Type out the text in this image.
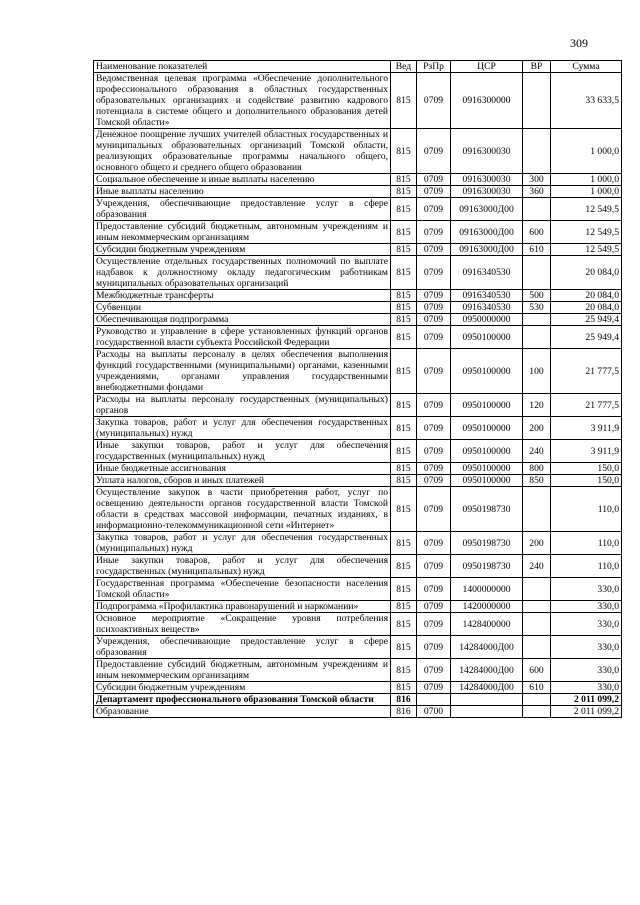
309
Наименование показателей	Вед	РзПр	ЦСР	ВР	Сумма
Ведомственная целевая программа «Обеспечение дополнительного профессионального образования в областных государственных образовательных организациях и содействие развитию кадрового потенциала в системе общего и дополнительного образования детей Томской области»	815	0709	0916300000		33 633,5
Денежное поощрение лучших учителей областных государственных и муниципальных образовательных организаций Томской области, реализующих образовательные программы начального общего, основного общего и среднего общего образования	815	0709	0916300030		1 000,0
Социальное обеспечение и иные выплаты населению	815	0709	0916300030	300	1 000,0
Иные выплаты населению	815	0709	0916300030	360	1 000,0
Учреждения, обеспечивающие предоставление услуг в сфере образования	815	0709	09163000Д00		12 549,5
Предоставление субсидий бюджетным, автономным учреждениям и иным некоммерческим организациям	815	0709	09163000Д00	600	12 549,5
Субсидии бюджетным учреждениям	815	0709	09163000Д00	610	12 549,5
Осуществление отдельных государственных полномочий по выплате надбавок к должностному окладу педагогическим работникам муниципальных образовательных организаций	815	0709	0916340530		20 084,0
Межбюджетные трансферты	815	0709	0916340530	500	20 084,0
Субвенции	815	0709	0916340530	530	20 084,0
Обеспечивающая подпрограмма	815	0709	0950000000		25 949,4
Руководство и управление в сфере установленных функций органов государственной власти субъекта Российской Федерации	815	0709	0950100000		25 949,4
Расходы на выплаты персоналу в целях обеспечения выполнения функций государственными (муниципальными) органами, казенными учреждениями, органами управления государственными внебюджетными фондами	815	0709	0950100000	100	21 777,5
Расходы на выплаты персоналу государственных (муниципальных) органов	815	0709	0950100000	120	21 777,5
Закупка товаров, работ и услуг для обеспечения государственных (муниципальных) нужд	815	0709	0950100000	200	3 911,9
Иные закупки товаров, работ и услуг для обеспечения государственных (муниципальных) нужд	815	0709	0950100000	240	3 911,9
Иные бюджетные ассигнования	815	0709	0950100000	800	150,0
Уплата налогов, сборов и иных платежей	815	0709	0950100000	850	150,0
Осуществление закупок в части приобретения работ, услуг по освещению деятельности органов государственной власти Томской области в средствах массовой информации, печатных изданиях, в информационно-телекоммуникационной сети «Интернет»	815	0709	0950198730		110,0
Закупка товаров, работ и услуг для обеспечения государственных (муниципальных) нужд	815	0709	0950198730	200	110,0
Иные закупки товаров, работ и услуг для обеспечения государственных (муниципальных) нужд	815	0709	0950198730	240	110,0
Государственная программа «Обеспечение безопасности населения Томской области»	815	0709	1400000000		330,0
Подпрограмма «Профилактика правонарушений и наркомании»	815	0709	1420000000		330,0
Основное мероприятие «Сокращение уровня потребления психоактивных веществ»	815	0709	1428400000		330,0
Учреждения, обеспечивающие предоставление услуг в сфере образования	815	0709	14284000Д00		330,0
Предоставление субсидий бюджетным, автономным учреждениям и иным некоммерческим организациям	815	0709	14284000Д00	600	330,0
Субсидии бюджетным учреждениям	815	0709	14284000Д00	610	330,0
Департамент профессионального образования Томской области	816				2 011 099,2
Образование	816	0700			2 011 099,2
